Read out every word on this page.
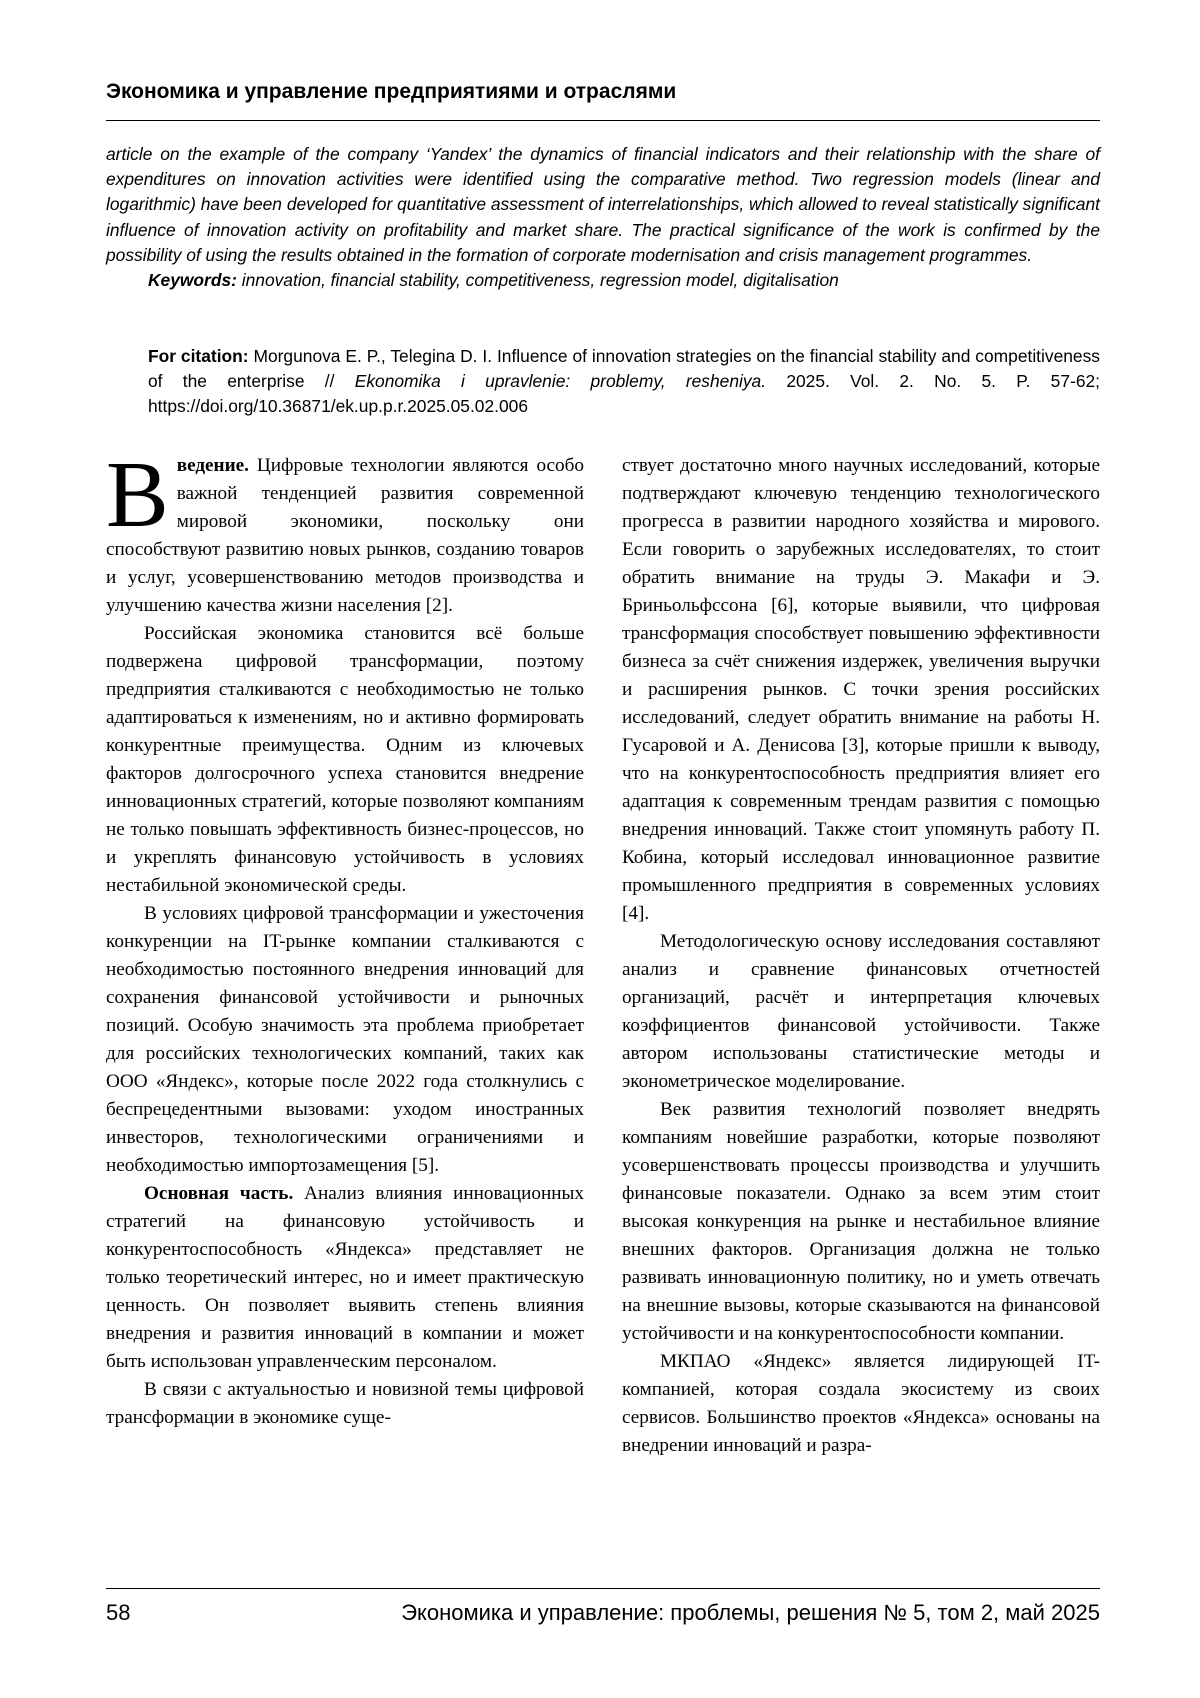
Экономика и управление предприятиями и отраслями

article on the example of the company ‘Yandex’ the dynamics of financial indicators and their relationship with the share of expenditures on innovation activities were identified using the comparative method. Two regression models (linear and logarithmic) have been developed for quantitative assessment of interrelationships, which allowed to reveal statistically significant influence of innovation activity on profitability and market share. The practical significance of the work is confirmed by the possibility of using the results obtained in the formation of corporate modernisation and crisis management programmes.

Keywords: innovation, financial stability, competitiveness, regression model, digitalisation

For citation: Morgunova E. P., Telegina D. I. Influence of innovation strategies on the financial stability and competitiveness of the enterprise // Ekonomika i upravlenie: problemy, resheniya. 2025. Vol. 2. No. 5. P. 57-62; https://doi.org/10.36871/ek.up.p.r.2025.05.02.006

Введение. Цифровые технологии являются особо важной тенденцией развития современной мировой экономики, поскольку они способствуют развитию новых рынков, созданию товаров и услуг, усовершенствованию методов производства и улучшению качества жизни населения [2].

Российская экономика становится всё больше подвержена цифровой трансформации, поэтому предприятия сталкиваются с необходимостью не только адаптироваться к изменениям, но и активно формировать конкурентные преимущества. Одним из ключевых факторов долгосрочного успеха становится внедрение инновационных стратегий, которые позволяют компаниям не только повышать эффективность бизнес-процессов, но и укреплять финансовую устойчивость в условиях нестабильной экономической среды.

В условиях цифровой трансформации и ужесточения конкуренции на IT-рынке компании сталкиваются с необходимостью постоянного внедрения инноваций для сохранения финансовой устойчивости и рыночных позиций. Особую значимость эта проблема приобретает для российских технологических компаний, таких как ООО «Яндекс», которые после 2022 года столкнулись с беспрецедентными вызовами: уходом иностранных инвесторов, технологическими ограничениями и необходимостью импортозамещения [5].

Основная часть. Анализ влияния инновационных стратегий на финансовую устойчивость и конкурентоспособность «Яндекса» представляет не только теоретический интерес, но и имеет практическую ценность. Он позволяет выявить степень влияния внедрения и развития инноваций в компании и может быть использован управленческим персоналом.

В связи с актуальностью и новизной темы цифровой трансформации в экономике суще-

ствует достаточно много научных исследований, которые подтверждают ключевую тенденцию технологического прогресса в развитии народного хозяйства и мирового. Если говорить о зарубежных исследователях, то стоит обратить внимание на труды Э. Макафи и Э. Бриньольфссона [6], которые выявили, что цифровая трансформация способствует повышению эффективности бизнеса за счёт снижения издержек, увеличения выручки и расширения рынков. С точки зрения российских исследований, следует обратить внимание на работы Н. Гусаровой и А. Денисова [3], которые пришли к выводу, что на конкурентоспособность предприятия влияет его адаптация к современным трендам развития с помощью внедрения инноваций. Также стоит упомянуть работу П. Кобина, который исследовал инновационное развитие промышленного предприятия в современных условиях [4].

Методологическую основу исследования составляют анализ и сравнение финансовых отчетностей организаций, расчёт и интерпретация ключевых коэффициентов финансовой устойчивости. Также автором использованы статистические методы и эконометрическое моделирование.

Век развития технологий позволяет внедрять компаниям новейшие разработки, которые позволяют усовершенствовать процессы производства и улучшить финансовые показатели. Однако за всем этим стоит высокая конкуренция на рынке и нестабильное влияние внешних факторов. Организация должна не только развивать инновационную политику, но и уметь отвечать на внешние вызовы, которые сказываются на финансовой устойчивости и на конкурентоспособности компании.

МКПАО «Яндекс» является лидирующей IT-компанией, которая создала экосистему из своих сервисов. Большинство проектов «Яндекса» основаны на внедрении инноваций и разра-

58	Экономика и управление: проблемы, решения № 5, том 2, май 2025
